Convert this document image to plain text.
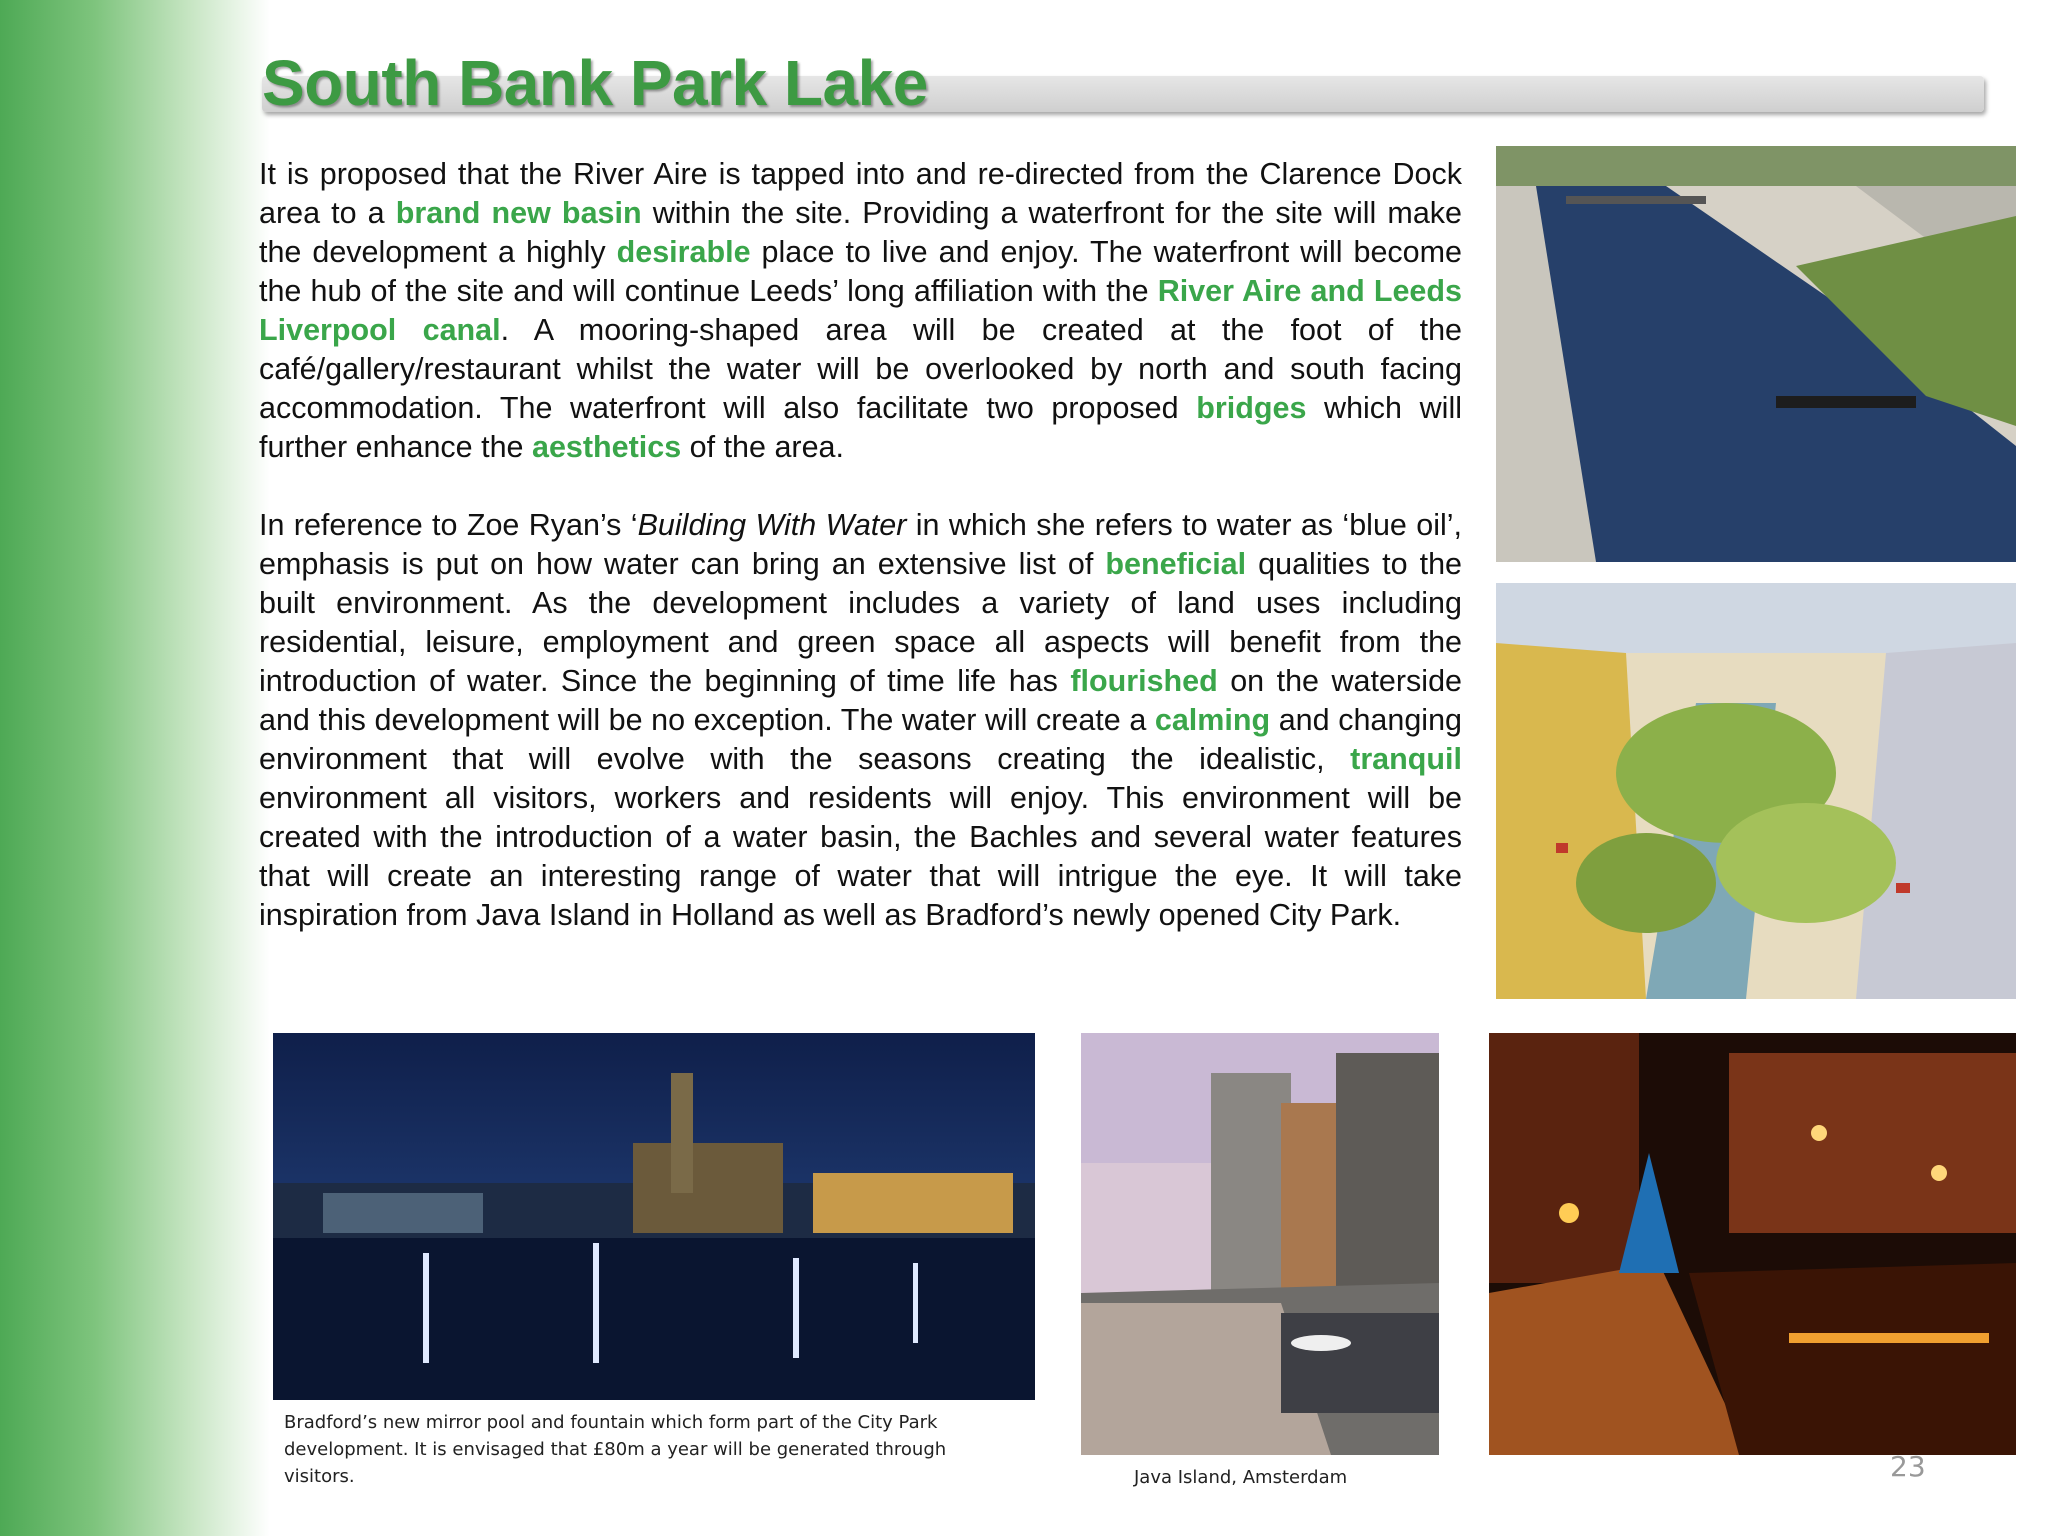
South Bank Park Lake

It is proposed that the River Aire is tapped into and re-directed from the Clarence Dock area to a brand new basin within the site. Providing a waterfront for the site will make the development a highly desirable place to live and enjoy. The waterfront will become the hub of the site and will continue Leeds’ long affiliation with the River Aire and Leeds Liverpool canal. A mooring-shaped area will be created at the foot of the café/gallery/restaurant whilst the water will be overlooked by north and south facing accommodation. The waterfront will also facilitate two proposed bridges which will further enhance the aesthetics of the area.

In reference to Zoe Ryan’s ‘Building With Water in which she refers to water as ‘blue oil’, emphasis is put on how water can bring an extensive list of beneficial qualities to the built environment. As the development includes a variety of land uses including residential, leisure, employment and green space all aspects will benefit from the introduction of water. Since the beginning of time life has flourished on the waterside and this development will be no exception. The water will create a calming and changing environment that will evolve with the seasons creating the idealistic, tranquil environment all visitors, workers and residents will enjoy. This environment will be created with the introduction of a water basin, the Bachles and several water features that will create an interesting range of water that will intrigue the eye. It will take inspiration from Java Island in Holland as well as Bradford’s newly opened City Park.

Bradford’s new mirror pool and fountain which form part of the City Park development. It is envisaged that £80m a year will be generated through visitors.	Java Island, Amsterdam	23
